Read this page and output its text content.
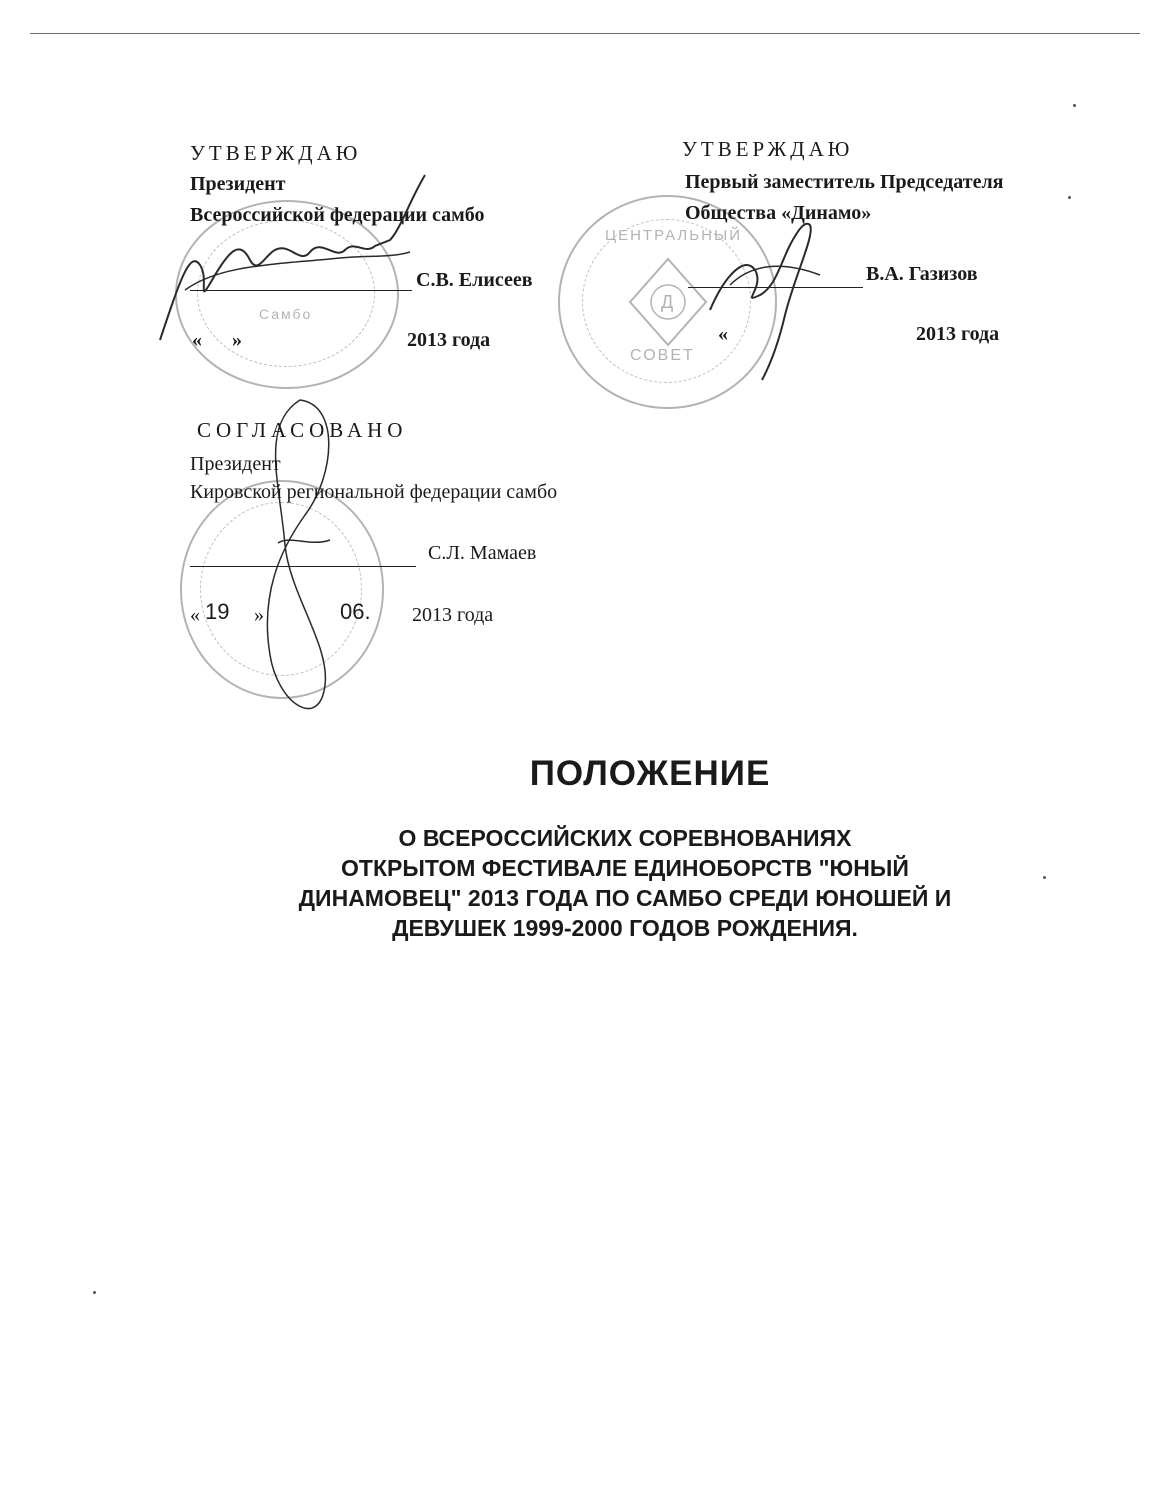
Самбо
УТВЕРЖДАЮ
Президент
Всероссийской федерации самбо
С.В. Елисеев
«      »	2013 года
ЦЕНТРАЛЬНЫЙ
СОВЕТ
Д
УТВЕРЖДАЮ
Первый заместитель Председателя
Общества «Динамо»
В.А. Газизов
«	2013 года
СОГЛАСОВАНО
Президент
Кировской региональной федерации самбо
С.Л. Мамаев
« 19 »	06. 2013 года
ПОЛОЖЕНИЕ
О ВСЕРОССИЙСКИХ СОРЕВНОВАНИЯХ
ОТКРЫТОМ ФЕСТИВАЛЕ ЕДИНОБОРСТВ "ЮНЫЙ
ДИНАМОВЕЦ" 2013 ГОДА ПО САМБО СРЕДИ ЮНОШЕЙ И
ДЕВУШЕК 1999-2000 ГОДОВ РОЖДЕНИЯ.
